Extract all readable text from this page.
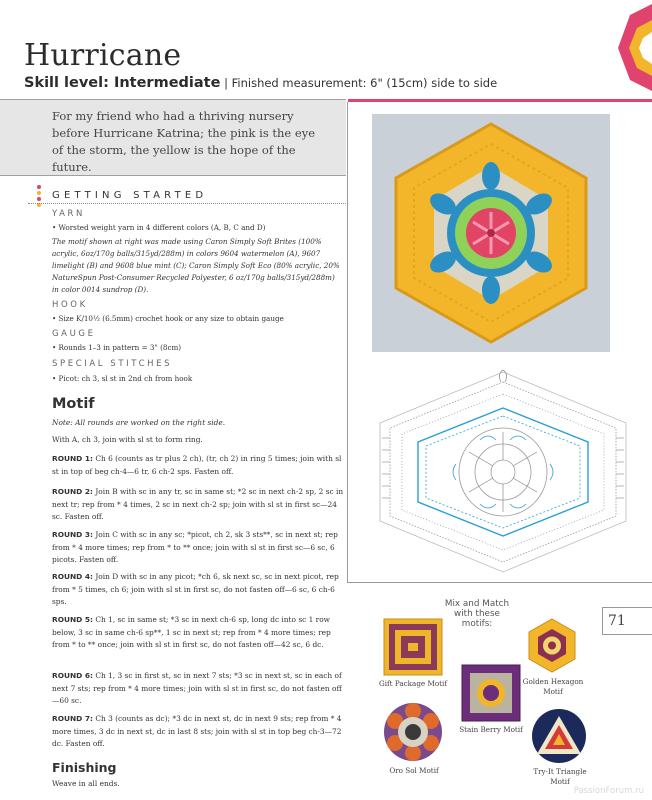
Hurricane
Skill level: Intermediate | Finished measurement: 6" (15cm) side to side

For my friend who had a thriving nursery before Hurricane Katrina; the pink is the eye of the storm, the yellow is the hope of the future.

GETTING STARTED
YARN
• Worsted weight yarn in 4 different colors (A, B, C and D)
The motif shown at right was made using Caron Simply Soft Brites (100% acrylic, 6oz/170g balls/315yd/288m) in colors 9604 watermelon (A), 9607 limelight (B) and 9608 blue mint (C); Caron Simply Soft Eco (80% acrylic, 20% NatureSpun Post-Consumer Recycled Polyester, 6 oz/170g balls/315yd/288m) in color 0014 sundrop (D).
HOOK
• Size K/10½ (6.5mm) crochet hook or any size to obtain gauge
GAUGE
• Rounds 1–3 in pattern = 3" (8cm)
SPECIAL STITCHES
• Picot: ch 3, sl st in 2nd ch from hook
Motif
Note: All rounds are worked on the right side.
With A, ch 3, join with sl st to form ring.
ROUND 1: Ch 6 (counts as tr plus 2 ch), (tr, ch 2) in ring 5 times; join with sl st in top of beg ch-4—6 tr, 6 ch-2 sps. Fasten off.
ROUND 2: Join B with sc in any tr, sc in same st; *2 sc in next ch-2 sp, 2 sc in next tr; rep from * 4 times, 2 sc in next ch-2 sp; join with sl st in first sc—24 sc. Fasten off.
ROUND 3: Join C with sc in any sc; *picot, ch 2, sk 3 sts**, sc in next st; rep from * 4 more times; rep from * to ** once; join with sl st in first sc—6 sc, 6 picots. Fasten off.
ROUND 4: Join D with sc in any picot; *ch 6, sk next sc, sc in next picot, rep from * 5 times, ch 6; join with sl st in first sc, do not fasten off—6 sc, 6 ch-6 sps.
ROUND 5: Ch 1, sc in same st; *3 sc in next ch-6 sp, long dc into sc 1 row below, 3 sc in same ch-6 sp**, 1 sc in next st; rep from * 4 more times; rep from * to ** once; join with sl st in first sc, do not fasten off—42 sc, 6 dc.
ROUND 6: Ch 1, 3 sc in first st, sc in next 7 sts; *3 sc in next st, sc in each of next 7 sts; rep from * 4 more times; join with sl st in first sc, do not fasten off—60 sc.
ROUND 7: Ch 3 (counts as dc); *3 dc in next st, dc in next 9 sts; rep from * 4 more times, 3 dc in next st, dc in last 8 sts; join with sl st in top beg ch-3—72 dc. Fasten off.
Finishing
Weave in all ends.
Mix and Match with these motifs:	71
Gift Package Motif	Golden Hexagon Motif
Stain Berry Motif
Oro Sol Motif	Try-It Triangle Motif
PassionForum.ru
